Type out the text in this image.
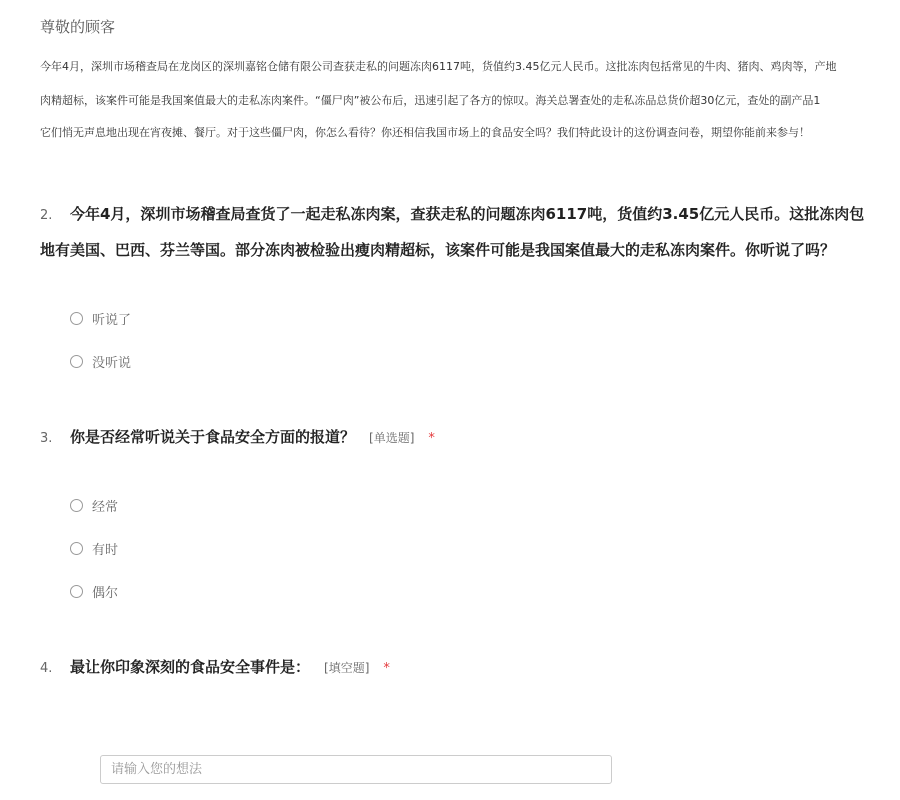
尊敬的顾客
今年4月，深圳市场稽查局在龙岗区的深圳嘉铭仓储有限公司查获走私的问题冻肉6117吨，货值约3.45亿元人民币。这批冻肉包括常见的牛肉、猪肉、鸡肉等，产地
肉精超标，该案件可能是我国案值最大的走私冻肉案件。“僵尸肉”被公布后，迅速引起了各方的惊叹。海关总署查处的走私冻品总货价超30亿元，查处的副产品1
它们悄无声息地出现在宵夜摊、餐厅。对于这些僵尸肉，你怎么看待？你还相信我国市场上的食品安全吗？我们特此设计的这份调查问卷，期望你能前来参与！
2. 今年4月，深圳市场稽查局查货了一起走私冻肉案，查获走私的问题冻肉6117吨，货值约3.45亿元人民币。这批冻肉包
地有美国、巴西、芬兰等国。部分冻肉被检验出瘦肉精超标，该案件可能是我国案值最大的走私冻肉案件。你听说了吗？
听说了
没听说
3. 你是否经常听说关于食品安全方面的报道？ [单选题] *
经常
有时
偶尔
4. 最让你印象深刻的食品安全事件是： [填空题] *
请输入您的想法
